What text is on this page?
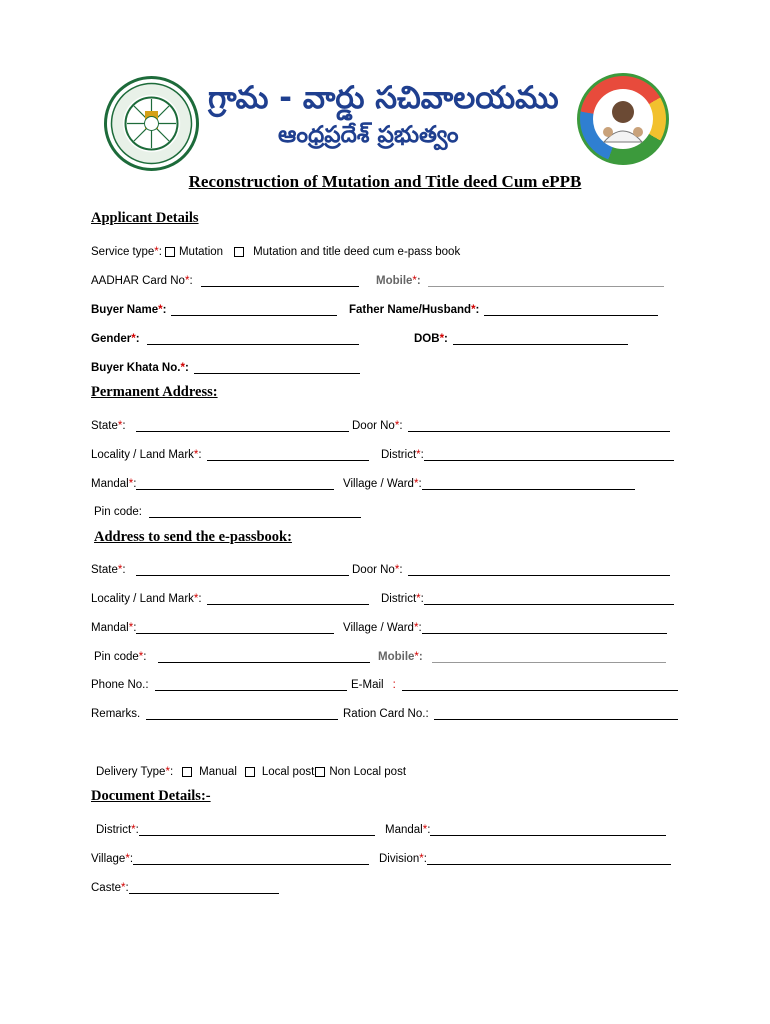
గ్రామ - వార్డు సచివాలయము
ఆంధ్రప్రదేశ్ ప్రభుత్వం
Reconstruction of Mutation and Title deed Cum ePPB
Applicant Details
Service type * : Mutation	Mutation and title deed cum e-pass book
AADHAR Card No * :	Mobile * :
Buyer Name * :	Father Name/Husband * :
Gender * :	DOB * :
Buyer Khata No. * :
Permanent Address:
State * :	Door No * :
Locality / Land Mark * :	District * :
Mandal * :	Village / Ward * :
Pin code:
Address to send the e-passbook:
State * :	Door No * :
Locality / Land Mark * :	District * :
Mandal * :	Village / Ward * :
Pin code * :	Mobile * :
Phone No.:	E-Mail :
Remarks.	Ration Card No.:
Delivery Type * : Manual Local post Non Local post
Document Details:-
District * :	Mandal * :
Village * :	Division * :
Caste * :
